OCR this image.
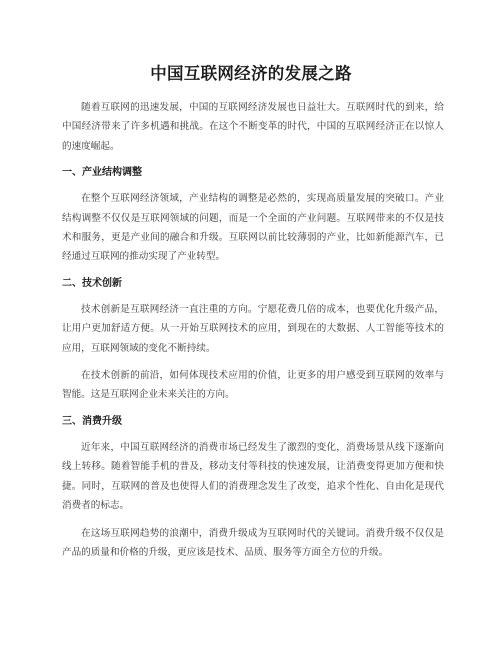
中国互联网经济的发展之路

随着互联网的迅速发展，中国的互联网经济发展也日益壮大。互联网时代的到来，给中国经济带来了许多机遇和挑战。在这个不断变革的时代，中国的互联网经济正在以惊人的速度崛起。

一、产业结构调整

在整个互联网经济领域，产业结构的调整是必然的，实现高质量发展的突破口。产业结构调整不仅仅是互联网领域的问题，而是一个全面的产业问题。互联网带来的不仅是技术和服务，更是产业间的融合和升级。互联网以前比较薄弱的产业，比如新能源汽车，已经通过互联网的推动实现了产业转型。

二、技术创新

技术创新是互联网经济一直注重的方向。宁愿花费几倍的成本，也要优化升级产品，让用户更加舒适方便。从一开始互联网技术的应用，到现在的大数据、人工智能等技术的应用，互联网领域的变化不断持续。

在技术创新的前沿，如何体现技术应用的价值，让更多的用户感受到互联网的效率与智能。这是互联网企业未来关注的方向。

三、消费升级

近年来，中国互联网经济的消费市场已经发生了激烈的变化，消费场景从线下逐渐向线上转移。随着智能手机的普及，移动支付等科技的快速发展，让消费变得更加方便和快捷。同时，互联网的普及也使得人们的消费理念发生了改变，追求个性化、自由化是现代消费者的标志。

在这场互联网趋势的浪潮中，消费升级成为互联网时代的关键词。消费升级不仅仅是产品的质量和价格的升级，更应该是技术、品质、服务等方面全方位的升级。
